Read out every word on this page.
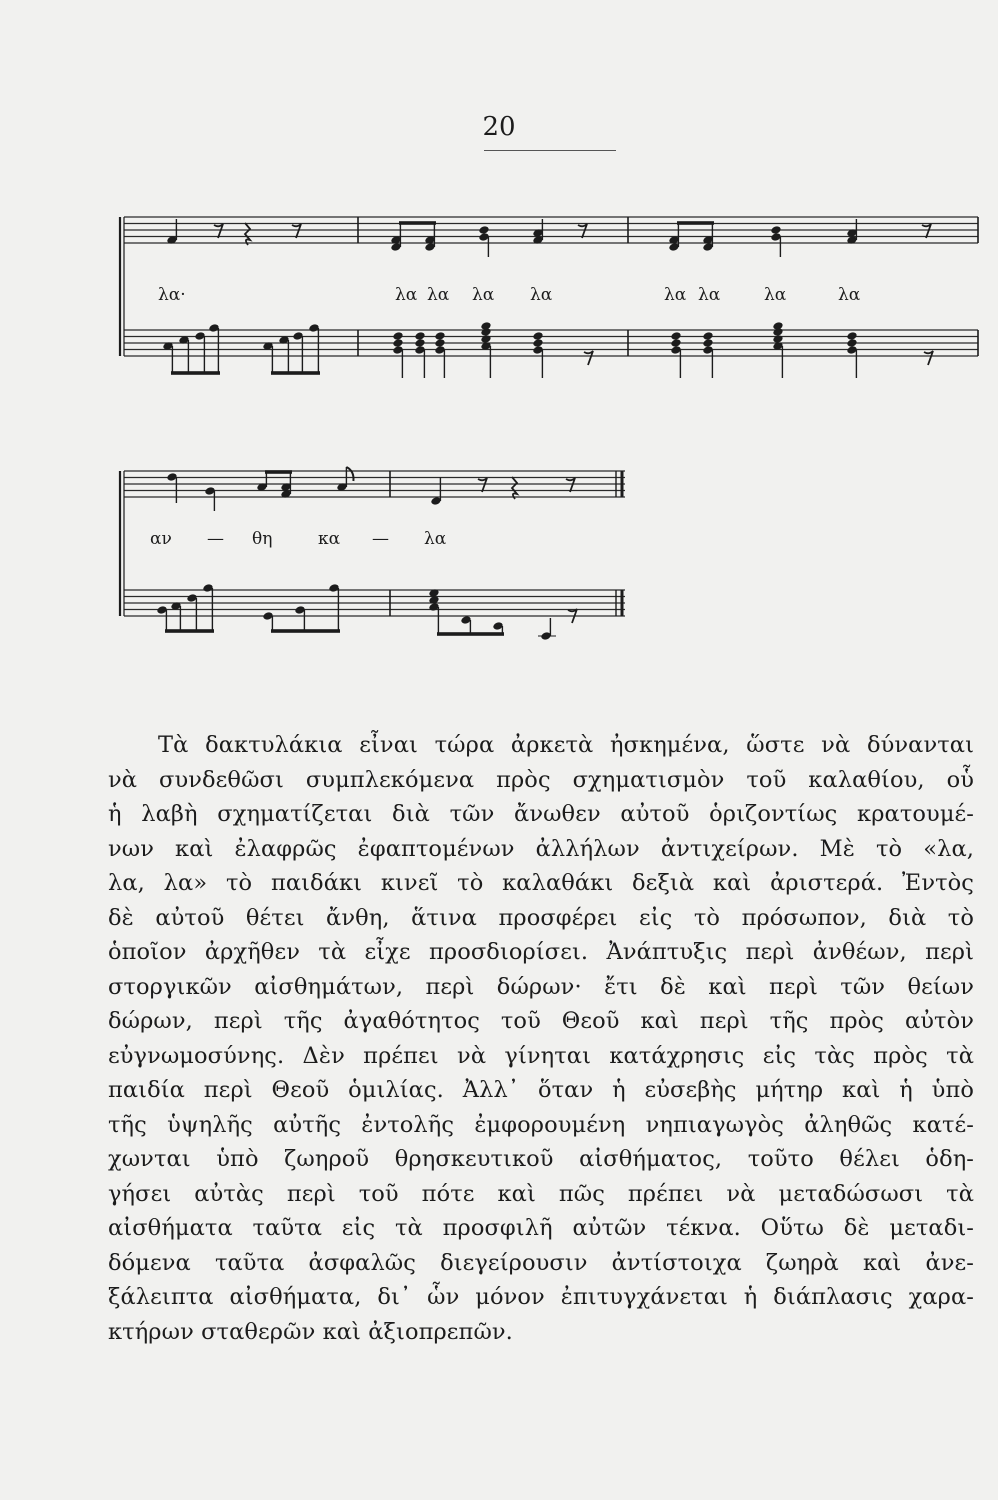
20
λα·	λα λα λα λα	λα λα	λα	λα
αν — θη	κα — λα
Τὰ δακτυλάκια εἶναι τώρα ἀρκετὰ ἠσκημένα, ὥστε νὰ δύνανται
νὰ συνδεθῶσι συμπλεκόμενα πρὸς σχηματισμὸν τοῦ καλαθίου, οὗ
ἡ λαβὴ σχηματίζεται διὰ τῶν ἄνωθεν αὐτοῦ ὁριζοντίως κρατουμέ-
νων καὶ ἐλαφρῶς ἐφαπτομένων ἀλλήλων ἀντιχείρων. Μὲ τὸ «λα,
λα, λα» τὸ παιδάκι κινεῖ τὸ καλαθάκι δεξιὰ καὶ ἀριστερά. Ἐντὸς
δὲ αὐτοῦ θέτει ἄνθη, ἅτινα προσφέρει εἰς τὸ πρόσωπον, διὰ τὸ
ὁποῖον ἀρχῆθεν τὰ εἶχε προσδιορίσει. Ἀνάπτυξις περὶ ἀνθέων, περὶ
στοργικῶν αἰσθημάτων, περὶ δώρων· ἔτι δὲ καὶ περὶ τῶν θείων
δώρων, περὶ τῆς ἀγαθότητος τοῦ Θεοῦ καὶ περὶ τῆς πρὸς αὐτὸν
εὐγνωμοσύνης. Δὲν πρέπει νὰ γίνηται κατάχρησις εἰς τὰς πρὸς τὰ
παιδία περὶ Θεοῦ ὁμιλίας. Ἀλλ᾿ ὅταν ἡ εὐσεβὴς μήτηρ καὶ ἡ ὑπὸ
τῆς ὑψηλῆς αὐτῆς ἐντολῆς ἐμφορουμένη νηπιαγωγὸς ἀληθῶς κατέ-
χωνται ὑπὸ ζωηροῦ θρησκευτικοῦ αἰσθήματος, τοῦτο θέλει ὁδη-
γήσει αὐτὰς περὶ τοῦ πότε καὶ πῶς πρέπει νὰ μεταδώσωσι τὰ
αἰσθήματα ταῦτα εἰς τὰ προσφιλῆ αὐτῶν τέκνα. Οὕτω δὲ μεταδι-
δόμενα ταῦτα ἀσφαλῶς διεγείρουσιν ἀντίστοιχα ζωηρὰ καὶ ἀνε-
ξάλειπτα αἰσθήματα, δι᾿ ὧν μόνον ἐπιτυγχάνεται ἡ διάπλασις χαρα-
κτήρων σταθερῶν καὶ ἀξιοπρεπῶν.
